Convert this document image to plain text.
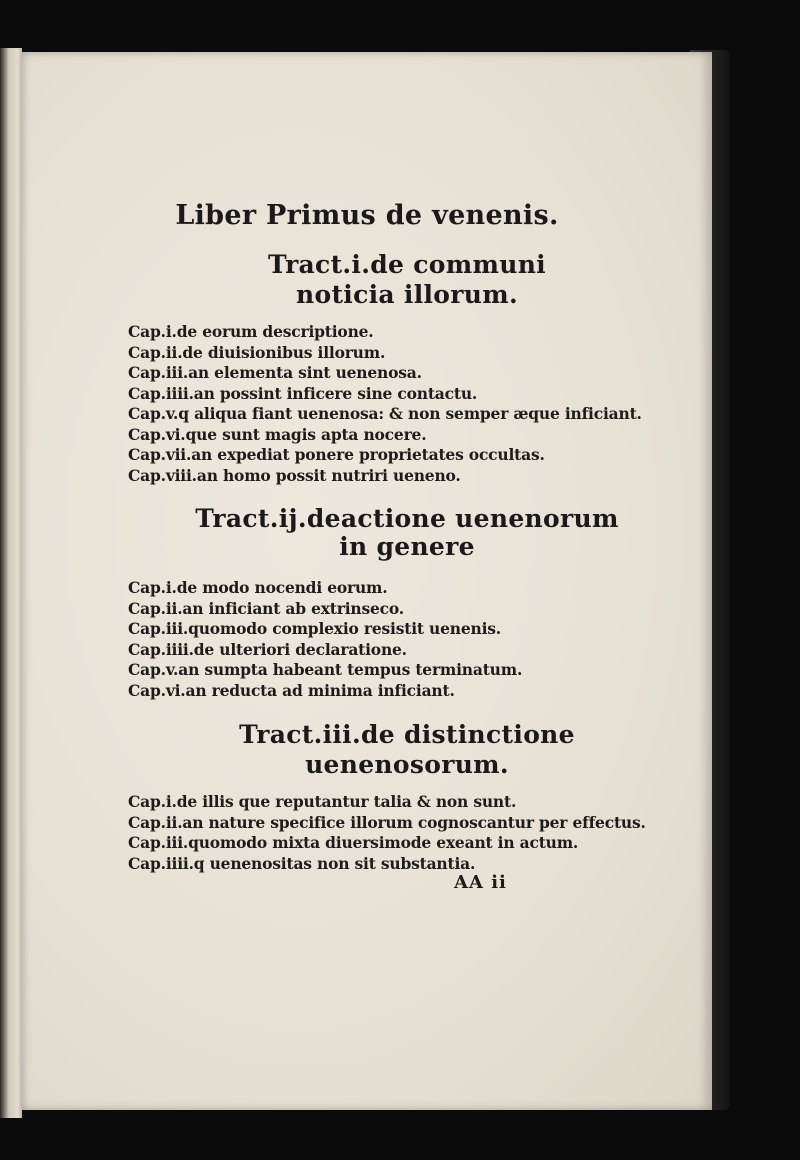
Liber Primus de venenis.
Tract.i.de communi
noticia illorum.
Cap.i.de eorum descriptione.
Cap.ii.de diuisionibus illorum.
Cap.iii.an elementa sint uenenosa.
Cap.iiii.an possint inficere sine contactu.
Cap.v.q aliqua fiant uenenosa: & non semper æque inficiant.
Cap.vi.que sunt magis apta nocere.
Cap.vii.an expediat ponere proprietates occultas.
Cap.viii.an homo possit nutriri ueneno.
Tract.ij.deactione uenenorum
in genere
Cap.i.de modo nocendi eorum.
Cap.ii.an inficiant ab extrinseco.
Cap.iii.quomodo complexio resistit uenenis.
Cap.iiii.de ulteriori declaratione.
Cap.v.an sumpta habeant tempus terminatum.
Cap.vi.an reducta ad minima inficiant.
Tract.iii.de distinctione
uenenosorum.
Cap.i.de illis que reputantur talia & non sunt.
Cap.ii.an nature specifice illorum cognoscantur per effectus.
Cap.iii.quomodo mixta diuersimode exeant in actum.
Cap.iiii.q uenenositas non sit substantia.
AA ii
